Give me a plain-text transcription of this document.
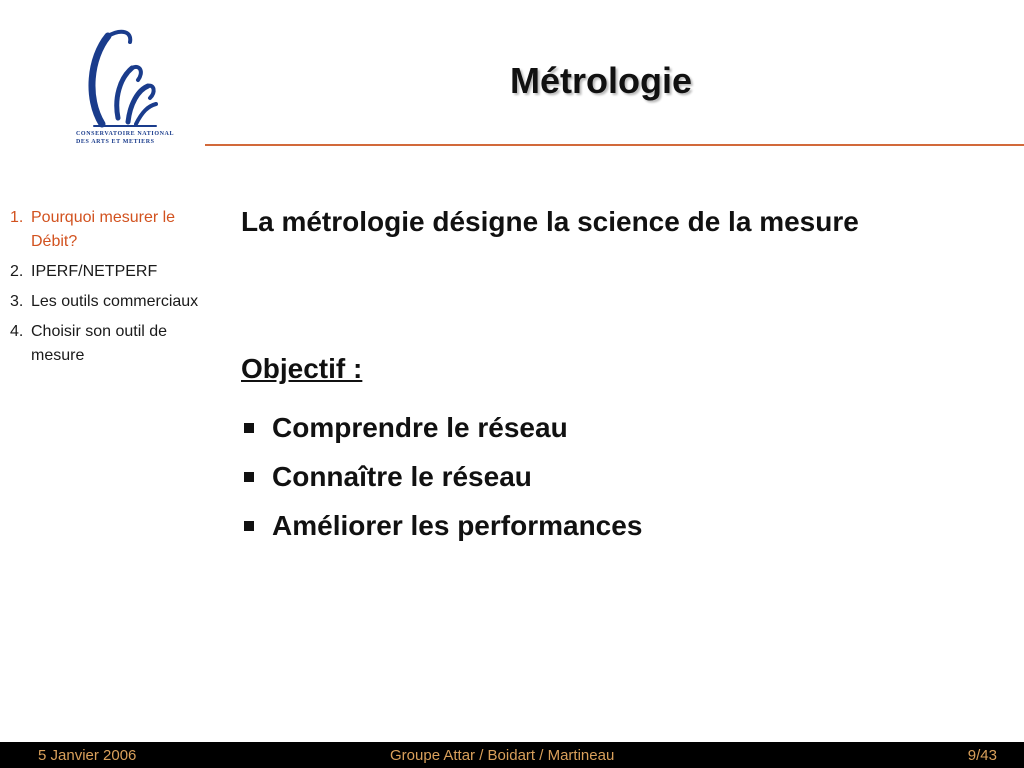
CONSERVATOIRE NATIONAL
DES ARTS ET METIERS
Métrologie
1. Pourquoi mesurer le Débit?
2. IPERF/NETPERF
3. Les outils commerciaux
4. Choisir son outil de mesure
La métrologie désigne la science de la mesure
Objectif :
Comprendre le réseau
Connaître le réseau
Améliorer les performances
5 Janvier 2006	Groupe Attar / Boidart / Martineau	9/43
